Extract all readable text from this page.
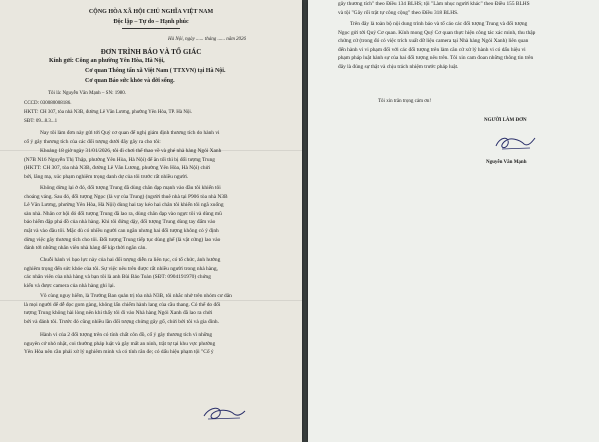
CỘNG HÒA XÃ HỘI CHỦ NGHĨA VIỆT NAM
Độc lập – Tự do – Hạnh phúc
Hà Nội, ngày ...... tháng ...... năm 2026
ĐƠN TRÌNH BÁO VÀ TỐ GIÁC
Kính gửi: Công an phường Yên Hòa, Hà Nội,
Cơ quan Thông tấn xã Việt Nam ( TTXVN) tại Hà Nội.
Cơ quan Báo sức khỏe và đời sống.
Tôi là: Nguyễn Văn Mạnh – SN: 1980.
CCCD: 030080008186.
HKTT: CH 307, tòa nhà N3B, đường Lê Văn Lương, phường Yên Hòa, TP. Hà Nội.
SĐT: 09...8.3...1
Nay tôi làm đơn này gửi tới Quý cơ quan để nghị giám định thương tích do hành vi
cố ý gây thương tích của các đối tượng dưới đây gây ra cho tôi:
Khoảng 18 giờ ngày 31/01/2026, tôi đi chơi thể thao về và ghé nhà hàng Ngói Xanh
(N7B N16 Nguyễn Thị Thập, phường Yên Hòa, Hà Nội) để ăn tối thì bị đối tượng Trung
(HKTT: CH 307, tòa nhà N3B, đường Lê Văn Lương, phường Yên Hòa, Hà Nội) chửi
bới, lăng mạ, xúc phạm nghiêm trọng danh dự của tôi trước rất nhiều người.
Không dừng lại ở đó, đối tượng Trung đã dùng chân đạp mạnh vào đầu tôi khiến tôi
choáng váng. Sau đó, đối tượng Ngọc (là vợ của Trung) (người thuê nhà tại P906 tòa nhà N3B
Lê Văn Lương, phường Yên Hòa, Hà Nội) dùng hai tay kéo hai chân tôi khiến tôi ngã xuống
sàn nhà. Nhân cơ hội đó đối tượng Trung đã lao ra, dùng chân đạp vào ngực tôi và dùng mũ
bảo hiểm đập phá đồ của nhà hàng. Khi tôi đứng dậy, đối tượng Trung dùng tay đấm vào
mặt và vào đầu tôi. Mặc dù có nhiều người can ngăn nhưng hai đối tượng không có ý định
dừng việc gây thương tích cho tôi. Đối tượng Trung tiếp tục dùng ghế (là vật cứng) lao vào
đánh tới những nhân viên nhà hàng để kịp thời ngăn cản.
Chuỗi hành vi bạo lực này của hai đối tượng diễn ra liên tục, có tổ chức, ảnh hưởng
nghiêm trọng đến sức khỏe của tôi. Sự việc nêu trên được rất nhiều người trong nhà hàng,
các nhân viên của nhà hàng và bạn tôi là anh Bùi Bảo Toàn (SĐT: 0904191970) chứng
kiến và được camera của nhà hàng ghi lại.
Vô cùng nguy hiểm, là Trưởng Ban quản trị tòa nhà N3B, tôi nhắc nhở trên nhóm cư dân
là mọi người để dễ đọc gom gàng, không lấn chiếm hành lang của cầu thang. Có thể do đối
tượng Trung không hài lòng nên khi thấy tôi đi vào Nhà hàng Ngói Xanh đã lao ra chửi
bới và đánh tôi. Trước đó cũng nhiều lần đối tượng chửng gây gổ, chửi bới tôi và gia đình.
Hành vi của 2 đối tượng trên có tính chất côn đồ, cố ý gây thương tích vì những
nguyên cớ nhỏ nhặt, coi thường pháp luật và gây mất an ninh, trật tự tại khu vực phường
Yên Hòa nên cần phải xử lý nghiêm minh và có tính răn đe; có dấu hiệu phạm tội "Cố ý
gây thương tích" theo Điều 134 BLHS; tội "Làm nhục người khác" theo Điều 155 BLHS
và tội "Gây rối trật tự công cộng" theo Điều 318 BLHS.
Trên đây là toàn bộ nội dung trình báo và tố cáo các đối tượng Trung và đối tượng
Ngọc gửi tới Quý Cơ quan. Kính mong Quý Cơ quan thực hiện công tác xác minh, thu thập
chứng cứ (trong đó có việc trích xuất dữ liệu camera tại Nhà hàng Ngói Xanh) liên quan
đến hành vi vi phạm đối với các đối tượng trên làm căn cứ xử lý hành vi có dấu hiệu vi
phạm pháp luật hành sự của hai đối tượng nêu trên. Tôi xin cam đoan những thông tin trên
đây là đúng sự thật và chịu trách nhiệm trước pháp luật.
Tôi xin trân trọng cảm ơn!
NGƯỜI LÀM ĐƠN
Nguyễn Văn Mạnh
